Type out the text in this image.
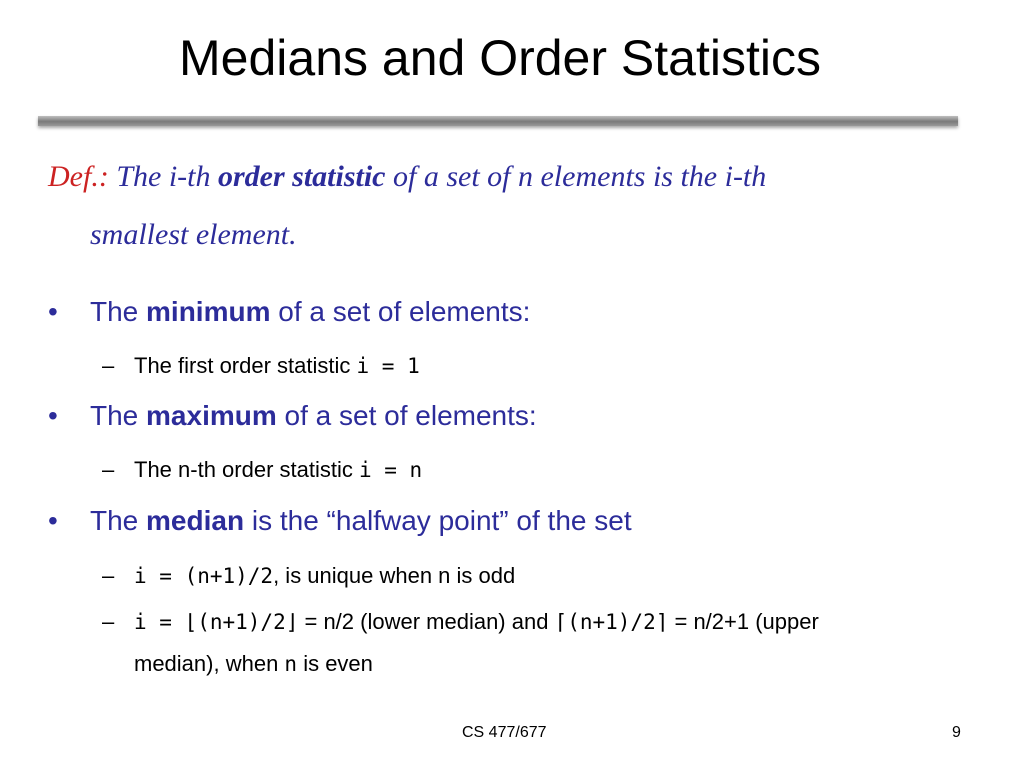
Medians and Order Statistics
Def.: The i-th order statistic of a set of n elements is the i-th
smallest element.
• The minimum of a set of elements:
– The first order statistic i = 1
• The maximum of a set of elements:
– The n-th order statistic i = n
• The median is the “halfway point” of the set
– i = (n+1)/2, is unique when n is odd
– i = ⌊(n+1)/2⌋ = n/2 (lower median) and ⌈(n+1)/2⌉ = n/2+1 (upper
median), when n is even
CS 477/677	9
